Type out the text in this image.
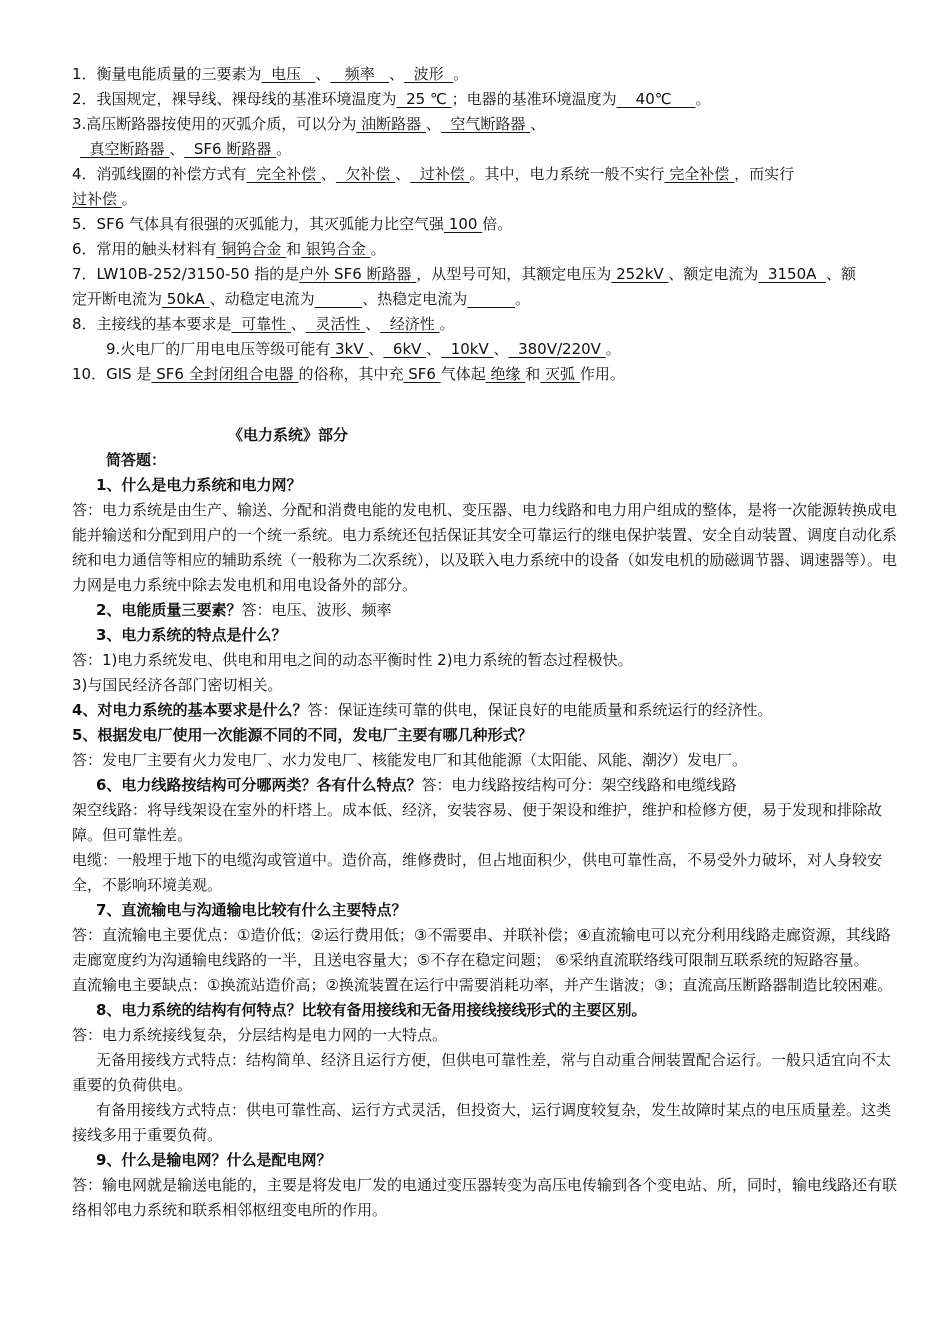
1．衡量电能质量的三要素为  电压   、   频率   、  波形  。
2．我国规定，裸导线、裸母线的基准环境温度为  25 ℃ ；电器的基准环境温度为    40℃     。
3.高压断路器按使用的灭弧介质，可以分为 油断路器 、  空气断路器 、
真空断路器 、  SF6 断路器 。
4．消弧线圈的补偿方式有  完全补偿 、  欠补偿 、  过补偿 。其中，电力系统一般不实行 完全补偿 ，而实行
过补偿 。
5．SF6 气体具有很强的灭弧能力，其灭弧能力比空气强 100 倍。
6．常用的触头材料有 铜钨合金 和 银钨合金 。
7．LW10B-252/3150-50 指的是户外 SF6 断路器 ，从型号可知，其额定电压为 252kV 、额定电流为  3150A  、额
定开断电流为 50kA 、动稳定电流为	、热稳定电流为	。
8．主接线的基本要求是  可靠性 、  灵活性 、  经济性 。
9.火电厂的厂用电电压等级可能有 3kV 、  6kV 、  10kV 、  380V/220V 。
10．GIS 是 SF6 全封闭组合电器 的俗称，其中充 SF6 气体起 绝缘 和 灭弧 作用。
《电力系统》部分
简答题：
1、什么是电力系统和电力网？
答：电力系统是由生产、输送、分配和消费电能的发电机、变压器、电力线路和电力用户组成的整体，是将一次能源转换成电能并输送和分配到用户的一个统一系统。电力系统还包括保证其安全可靠运行的继电保护装置、安全自动装置、调度自动化系统和电力通信等相应的辅助系统（一般称为二次系统），以及联入电力系统中的设备（如发电机的励磁调节器、调速器等）。电力网是电力系统中除去发电机和用电设备外的部分。
2、电能质量三要素？答：电压、波形、频率
3、电力系统的特点是什么？
答：1)电力系统发电、供电和用电之间的动态平衡时性 2)电力系统的暂态过程极快。
3)与国民经济各部门密切相关。
4、对电力系统的基本要求是什么？答：保证连续可靠的供电，保证良好的电能质量和系统运行的经济性。
5、根据发电厂使用一次能源不同的不同，发电厂主要有哪几种形式？
答：发电厂主要有火力发电厂、水力发电厂、核能发电厂和其他能源（太阳能、风能、潮汐）发电厂。
6、电力线路按结构可分哪两类？各有什么特点？答：电力线路按结构可分：架空线路和电缆线路
架空线路：将导线架设在室外的杆塔上。成本低、经济，安装容易、便于架设和维护，维护和检修方便，易于发现和排除故障。但可靠性差。
电缆：一般埋于地下的电缆沟或管道中。造价高，维修费时，但占地面积少，供电可靠性高，不易受外力破坏，对人身较安全，不影响环境美观。
7、直流输电与沟通输电比较有什么主要特点？
答：直流输电主要优点：①造价低；②运行费用低；③不需要串、并联补偿；④直流输电可以充分利用线路走廊资源，其线路走廊宽度约为沟通输电线路的一半，且送电容量大；⑤不存在稳定问题； ⑥采纳直流联络线可限制互联系统的短路容量。
直流输电主要缺点：①换流站造价高；②换流装置在运行中需要消耗功率，并产生谐波；③；直流高压断路器制造比较困难。
8、电力系统的结构有何特点？比较有备用接线和无备用接线接线形式的主要区别。
答：电力系统接线复杂，分层结构是电力网的一大特点。
无备用接线方式特点：结构简单、经济且运行方便，但供电可靠性差，常与自动重合闸装置配合运行。一般只适宜向不太重要的负荷供电。
有备用接线方式特点：供电可靠性高、运行方式灵活，但投资大，运行调度较复杂，发生故障时某点的电压质量差。这类接线多用于重要负荷。
9、什么是输电网？什么是配电网？
答：输电网就是输送电能的，主要是将发电厂发的电通过变压器转变为高压电传输到各个变电站、所，同时，输电线路还有联络相邻电力系统和联系相邻枢纽变电所的作用。
